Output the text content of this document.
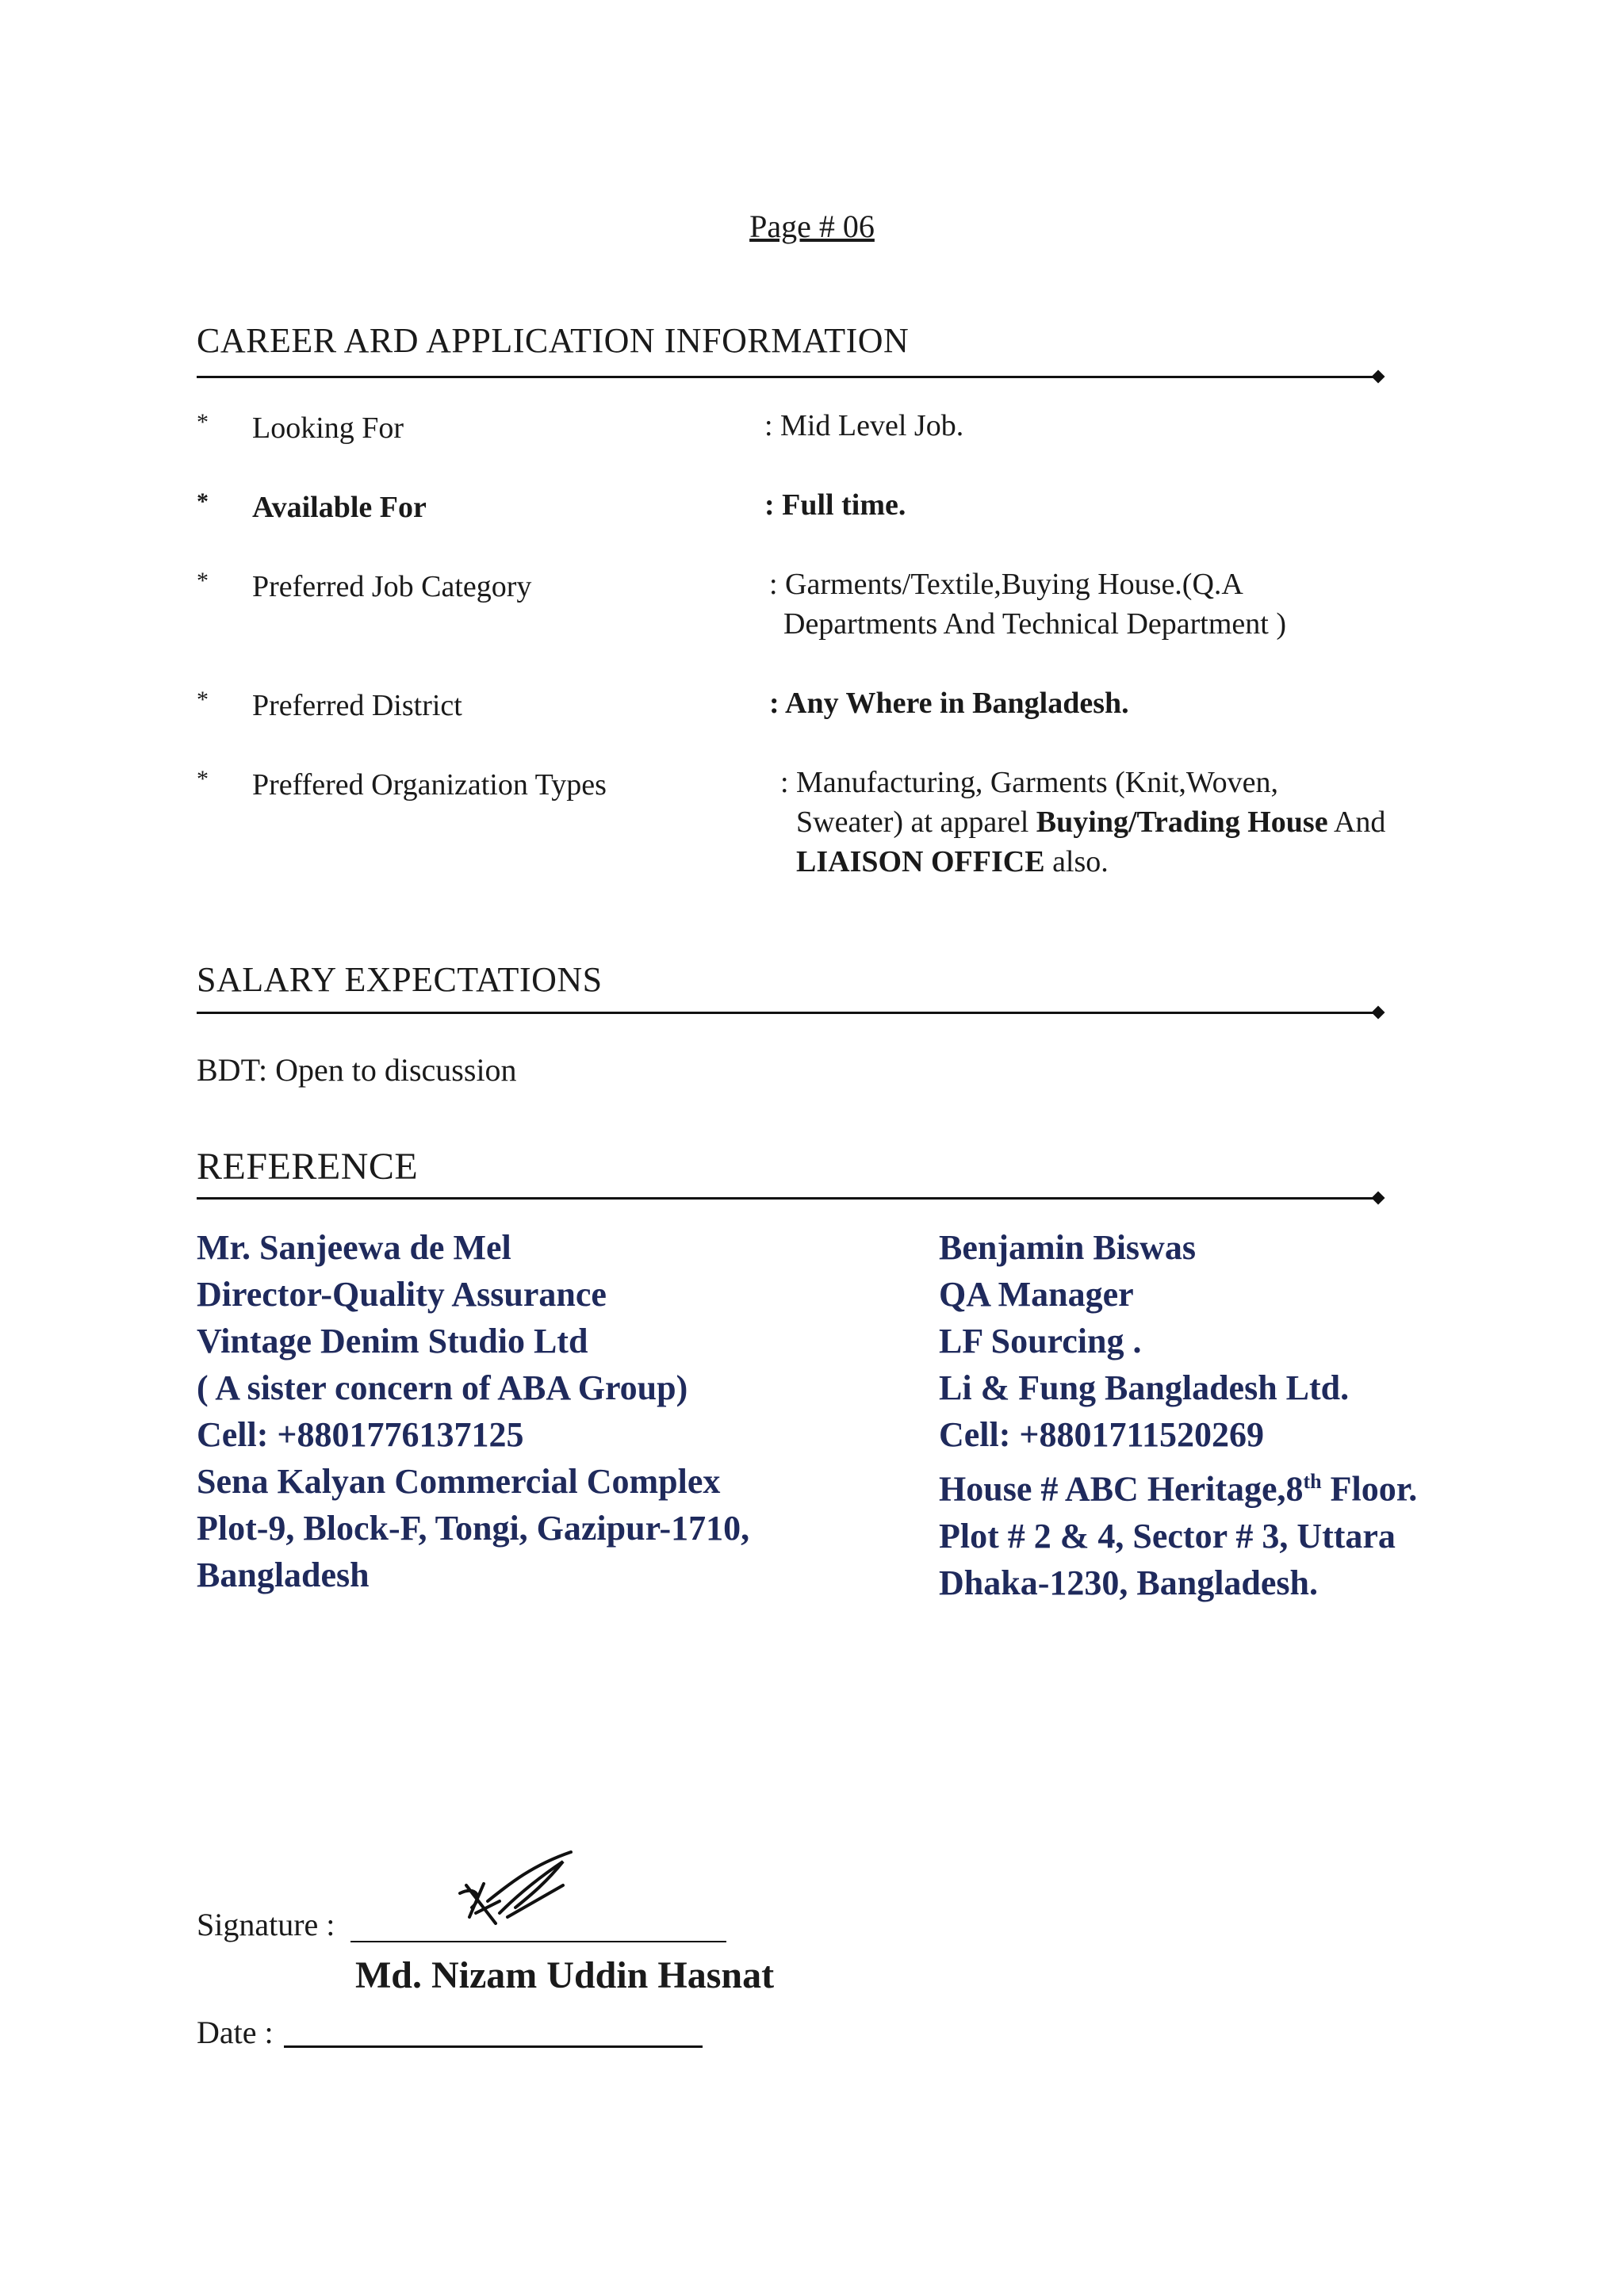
Page # 06
CAREER ARD APPLICATION INFORMATION
* Looking For	: Mid Level Job.
* Available For	: Full time.
* Preferred Job Category	: Garments/Textile,Buying House.(Q.A
Departments And Technical Department )
* Preferred District	: Any Where in Bangladesh.
* Preffered Organization Types	: Manufacturing, Garments (Knit,Woven,
Sweater) at apparel Buying/Trading House And
LIAISON OFFICE also.
SALARY EXPECTATIONS
BDT: Open to discussion
REFERENCE
Mr. Sanjeewa de Mel
Director-Quality Assurance
Vintage Denim Studio Ltd
( A sister concern of ABA Group)
Cell: +8801776137125
Sena Kalyan Commercial Complex
Plot-9, Block-F, Tongi, Gazipur-1710,
Bangladesh
Benjamin Biswas
QA Manager
LF Sourcing .
Li & Fung Bangladesh Ltd.
Cell: +8801711520269
House # ABC Heritage,8th Floor.
Plot # 2 & 4, Sector # 3, Uttara
Dhaka-1230, Bangladesh.
Signature :
Md. Nizam Uddin Hasnat
Date :
